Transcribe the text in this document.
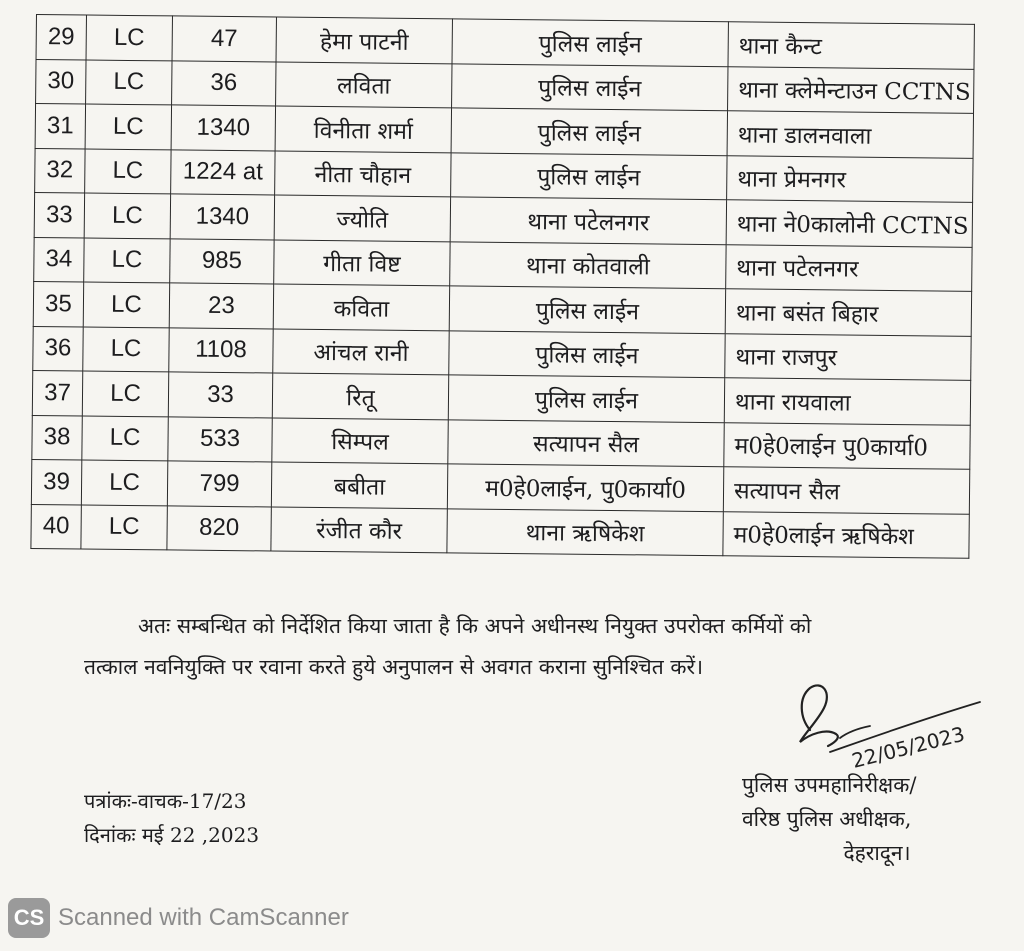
29	LC	47	हेमा पाटनी	पुलिस लाईन	थाना कैन्ट
30	LC	36	लविता	पुलिस लाईन	थाना क्लेमेन्टाउन CCTNS
31	LC	1340	विनीता शर्मा	पुलिस लाईन	थाना डालनवाला
32	LC	1224 at	नीता चौहान	पुलिस लाईन	थाना प्रेमनगर
33	LC	1340	ज्योति	थाना पटेलनगर	थाना ने0कालोनी CCTNS
34	LC	985	गीता विष्ट	थाना कोतवाली	थाना पटेलनगर
35	LC	23	कविता	पुलिस लाईन	थाना बसंत बिहार
36	LC	1108	आंचल रानी	पुलिस लाईन	थाना राजपुर
37	LC	33	रितू	पुलिस लाईन	थाना रायवाला
38	LC	533	सिम्पल	सत्यापन सैल	म0हे0लाईन पु0कार्या0
39	LC	799	बबीता	म0हे0लाईन, पु0कार्या0	सत्यापन सैल
40	LC	820	रंजीत कौर	थाना ऋषिकेश	म0हे0लाईन ऋषिकेश
अतः सम्बन्धित को निर्देशित किया जाता है कि अपने अधीनस्थ नियुक्त उपरोक्त कर्मियों को
तत्काल नवनियुक्ति पर रवाना करते हुये अनुपालन से अवगत कराना सुनिश्चित करें।
22/05/2023
पत्रांकः-वाचक-17/23
दिनांकः मई 22 ,2023
पुलिस उपमहानिरीक्षक/
वरिष्ठ पुलिस अधीक्षक,
देहरादून।
CS Scanned with CamScanner
